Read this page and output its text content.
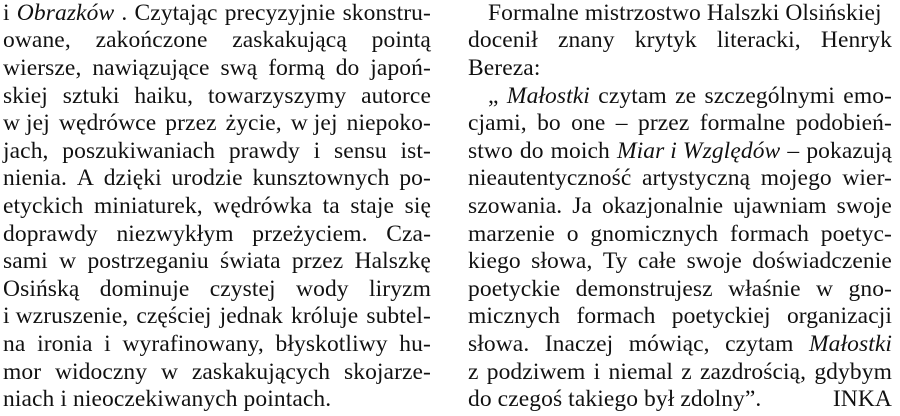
i Obrazków . Czytając precyzyjnie skonstru-
owane, zakończone zaskakującą pointą
wiersze, nawiązujące swą formą do japoń-
skiej sztuki haiku, towarzyszymy autorce
w jej wędrówce przez życie, w jej niepoko-
jach, poszukiwaniach prawdy i sensu ist-
nienia. A dzięki urodzie kunsztownych po-
etyckich miniaturek, wędrówka ta staje się
doprawdy niezwykłym przeżyciem. Cza-
sami w postrzeganiu świata przez Halszkę
Osińską dominuje czystej wody liryzm
i wzruszenie, częściej jednak króluje subtel-
na ironia i wyrafinowany, błyskotliwy hu-
mor widoczny w zaskakujących skojarze-
niach i nieoczekiwanych pointach.
Formalne mistrzostwo Halszki Olsińskiej
docenił znany krytyk literacki, Henryk
Bereza:
„ Małostki czytam ze szczególnymi emo-
cjami, bo one – przez formalne podobień-
stwo do moich Miar i Względów – pokazują
nieautentyczność artystyczną mojego wier-
szowania. Ja okazjonalnie ujawniam swoje
marzenie o gnomicznych formach poetyc-
kiego słowa, Ty całe swoje doświadczenie
poetyckie demonstrujesz właśnie w gno-
micznych formach poetyckiej organizacji
słowa. Inaczej mówiąc, czytam Małostki
z podziwem i niemal z zazdrością, gdybym
do czegoś takiego był zdolny”.	INKA
